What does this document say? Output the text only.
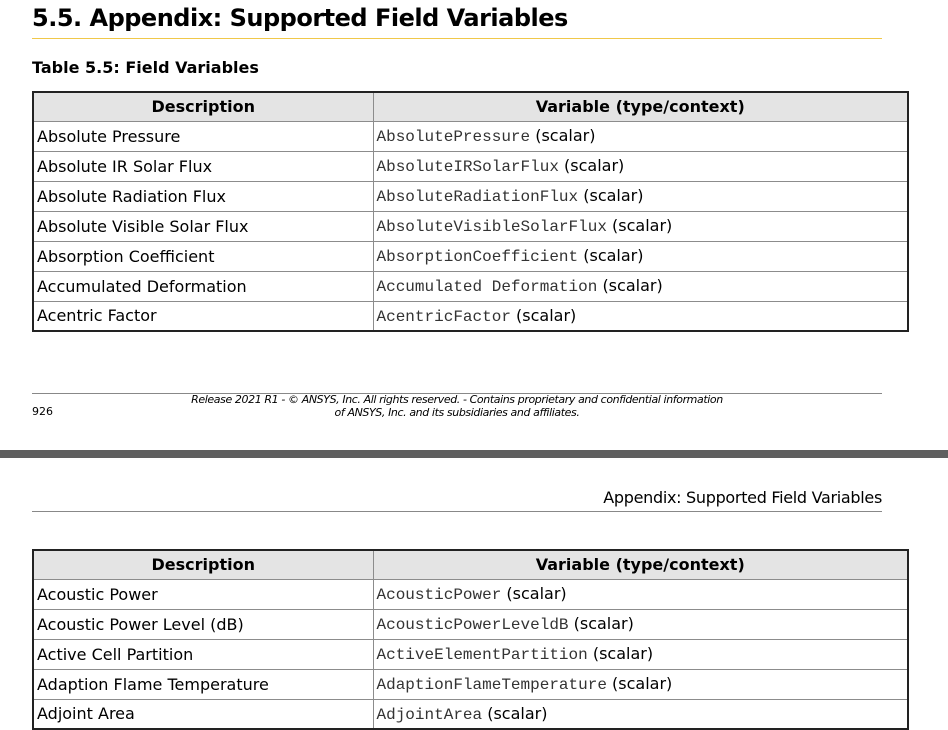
5.5. Appendix: Supported Field Variables
Table 5.5: Field Variables
Description	Variable (type/context)
Absolute Pressure	AbsolutePressure (scalar)
Absolute IR Solar Flux	AbsoluteIRSolarFlux (scalar)
Absolute Radiation Flux	AbsoluteRadiationFlux (scalar)
Absolute Visible Solar Flux	AbsoluteVisibleSolarFlux (scalar)
Absorption Coefficient	AbsorptionCoefficient (scalar)
Accumulated Deformation	Accumulated Deformation (scalar)
Acentric Factor	AcentricFactor (scalar)
Release 2021 R1 - © ANSYS, Inc. All rights reserved. - Contains proprietary and confidential information
of ANSYS, Inc. and its subsidiaries and affiliates.
926
Appendix: Supported Field Variables
Description	Variable (type/context)
Acoustic Power	AcousticPower (scalar)
Acoustic Power Level (dB)	AcousticPowerLeveldB (scalar)
Active Cell Partition	ActiveElementPartition (scalar)
Adaption Flame Temperature	AdaptionFlameTemperature (scalar)
Adjoint Area	AdjointArea (scalar)
